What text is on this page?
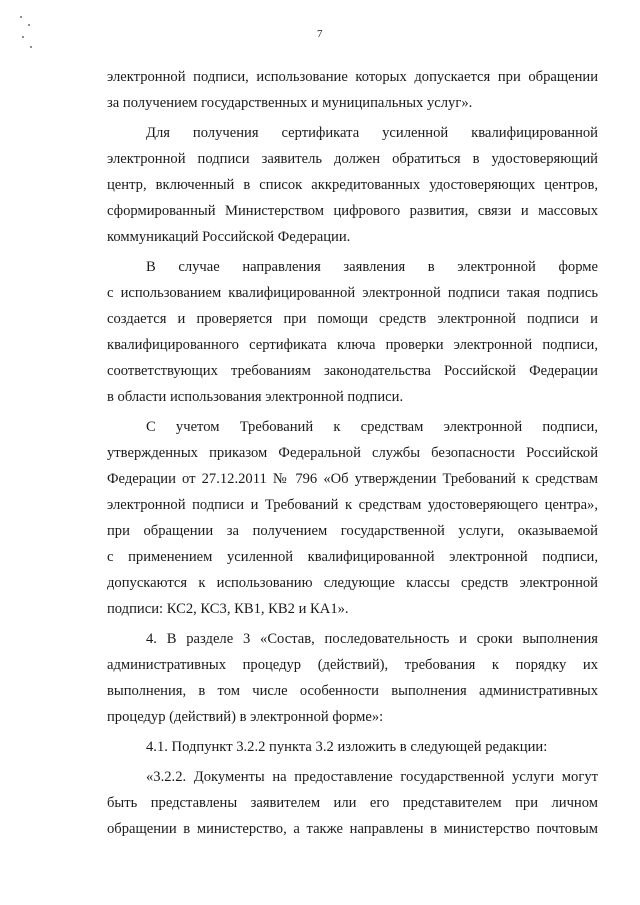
7
электронной подписи, использование которых допускается при обращении
за получением государственных и муниципальных услуг».
Для получения сертификата усиленной квалифицированной
электронной подписи заявитель должен обратиться в удостоверяющий
центр, включенный в список аккредитованных удостоверяющих центров,
сформированный Министерством цифрового развития, связи и массовых
коммуникаций Российской Федерации.
В случае направления заявления в электронной форме
с использованием квалифицированной электронной подписи такая подпись
создается и проверяется при помощи средств электронной подписи и
квалифицированного сертификата ключа проверки электронной подписи,
соответствующих требованиям законодательства Российской Федерации
в области использования электронной подписи.
С учетом Требований к средствам электронной подписи,
утвержденных приказом Федеральной службы безопасности Российской
Федерации от 27.12.2011 № 796 «Об утверждении Требований к средствам
электронной подписи и Требований к средствам удостоверяющего центра»,
при обращении за получением государственной услуги, оказываемой
с применением усиленной квалифицированной электронной подписи,
допускаются к использованию следующие классы средств электронной
подписи: КС2, КС3, КВ1, КВ2 и КА1».
4. В разделе 3 «Состав, последовательность и сроки выполнения
административных процедур (действий), требования к порядку их
выполнения, в том числе особенности выполнения административных
процедур (действий) в электронной форме»:
4.1. Подпункт 3.2.2 пункта 3.2 изложить в следующей редакции:
«3.2.2. Документы на предоставление государственной услуги могут
быть представлены заявителем или его представителем при личном
обращении в министерство, а также направлены в министерство почтовым
